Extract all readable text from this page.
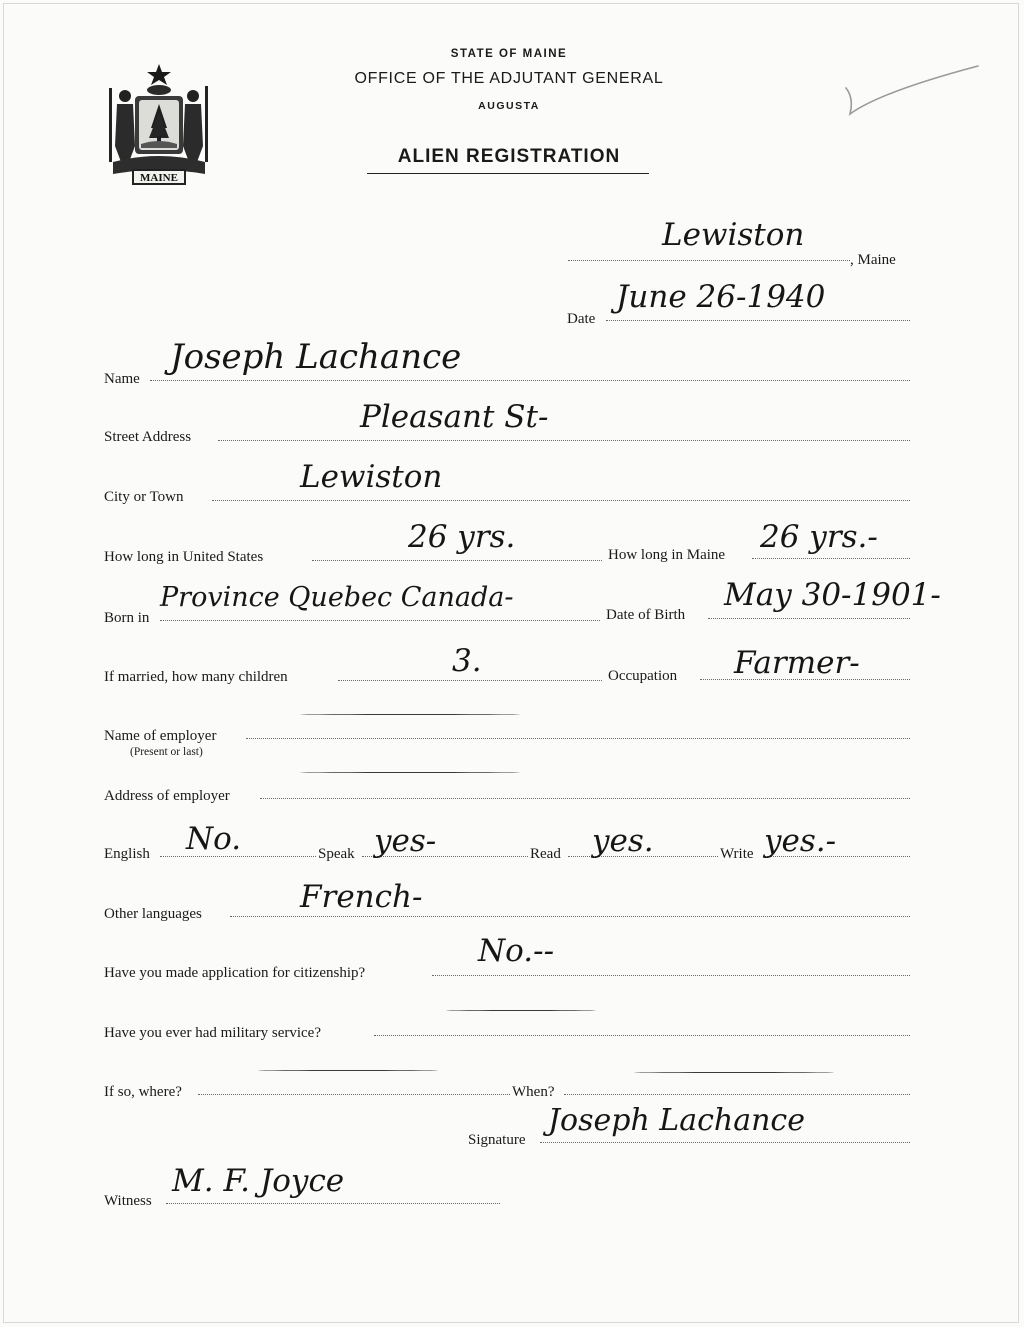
MAINE
STATE OF MAINE
OFFICE OF THE ADJUTANT GENERAL
AUGUSTA
ALIEN REGISTRATION
Lewiston
, Maine
Date
June 26-1940
Name
Joseph Lachance
Street Address
Pleasant St-
City or Town
Lewiston
How long in United States
26 yrs.	How long in Maine 26 yrs.-
Born in
Province Quebec Canada-
Date of Birth
May 30-1901-
If married, how many children	3.	Occupation Farmer-
Name of employer
(Present or last)
Address of employer
English No.	Speak yes-	Read yes.	Write yes.-
Other languages	French-
Have you made application for citizenship?
No.--
Have you ever had military service?
If so, where?	When?
Signature
Joseph Lachance
Witness
M. F. Joyce
